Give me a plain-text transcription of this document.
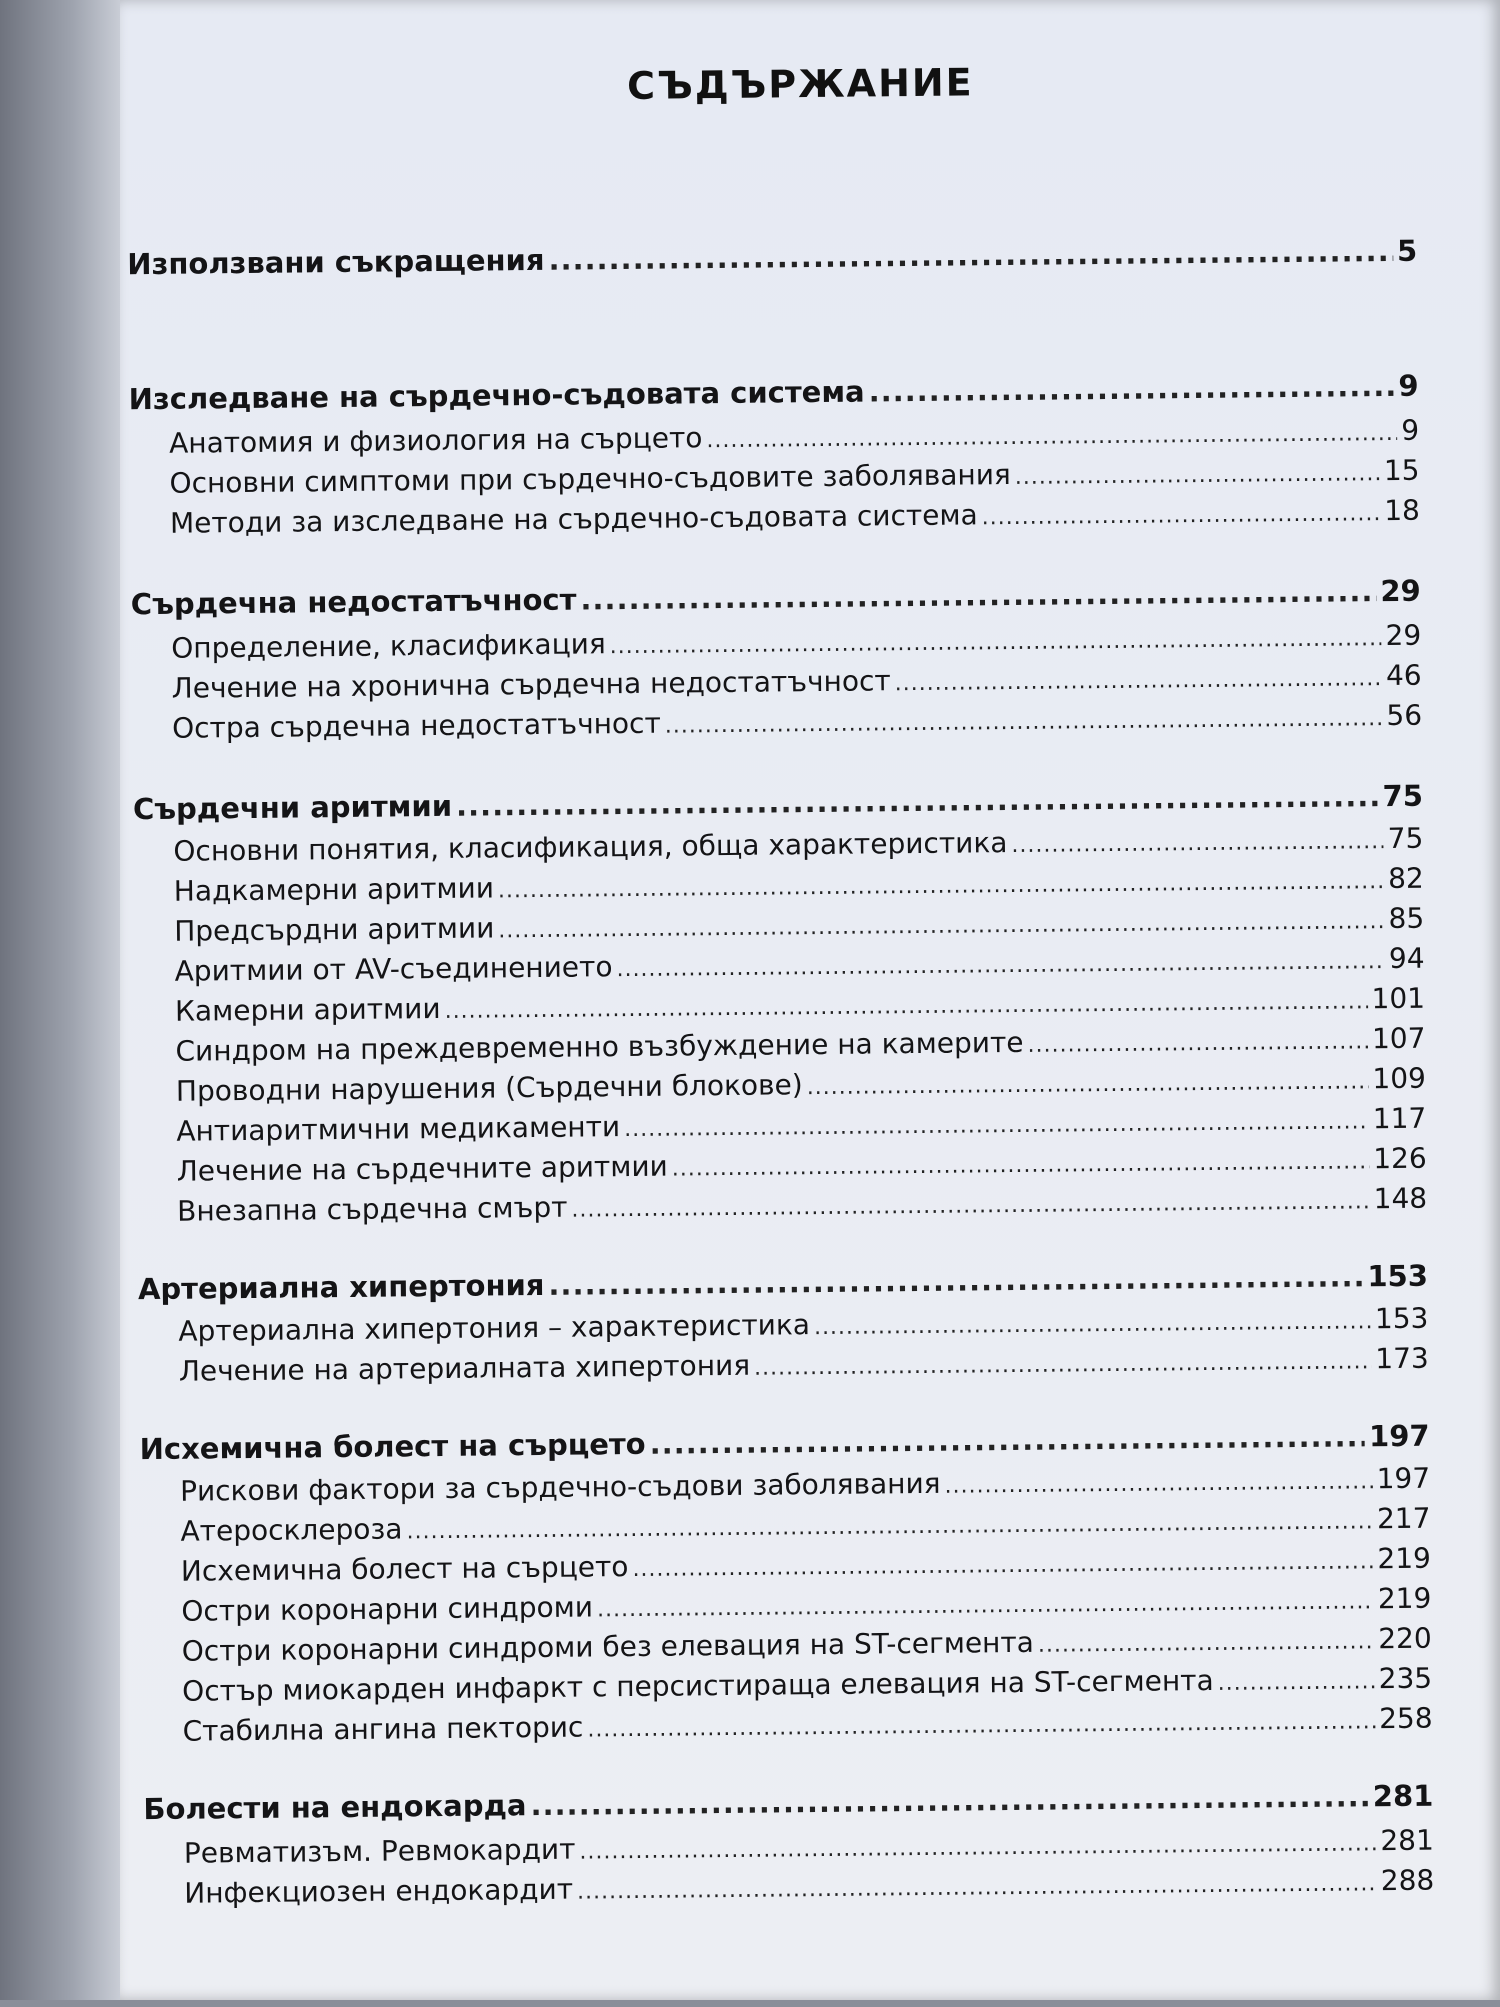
СЪДЪРЖАНИЕ
Използвани съкращения .....	5
Изследване на сърдечно-съдовата система .....	9
Анатомия и физиология на сърцето .....	9
Основни симптоми при сърдечно-съдовите заболявания .....	15
Методи за изследване на сърдечно-съдовата система .....	18
Сърдечна недостатъчност .....	29
Определение, класификация .....	29
Лечение на хронична сърдечна недостатъчност .....	46
Остра сърдечна недостатъчност .....	56
Сърдечни аритмии .....	75
Основни понятия, класификация, обща характеристика .....	75
Надкамерни аритмии .....	82
Предсърдни аритмии .....	85
Аритмии от AV-съединението .....	94
Камерни аритмии .....	101
Синдром на преждевременно възбуждение на камерите .....	107
Проводни нарушения (Сърдечни блокове) .....	109
Антиаритмични медикаменти .....	117
Лечение на сърдечните аритмии .....	126
Внезапна сърдечна смърт .....	148
Артериална хипертония .....	153
Артериална хипертония – характеристика .....	153
Лечение на артериалната хипертония .....	173
Исхемична болест на сърцето .....	197
Рискови фактори за сърдечно-съдови заболявания .....	197
Атеросклероза .....	217
Исхемична болест на сърцето .....	219
Остри коронарни синдроми .....	219
Остри коронарни синдроми без елевация на ST-сегмента .....	220
Остър миокарден инфаркт с персистираща елевация на ST-сегмента .....	235
Стабилна ангина пекторис .....	258
Болести на ендокарда .....	281
Ревматизъм. Ревмокардит .....	281
Инфекциозен ендокардит .....	288
